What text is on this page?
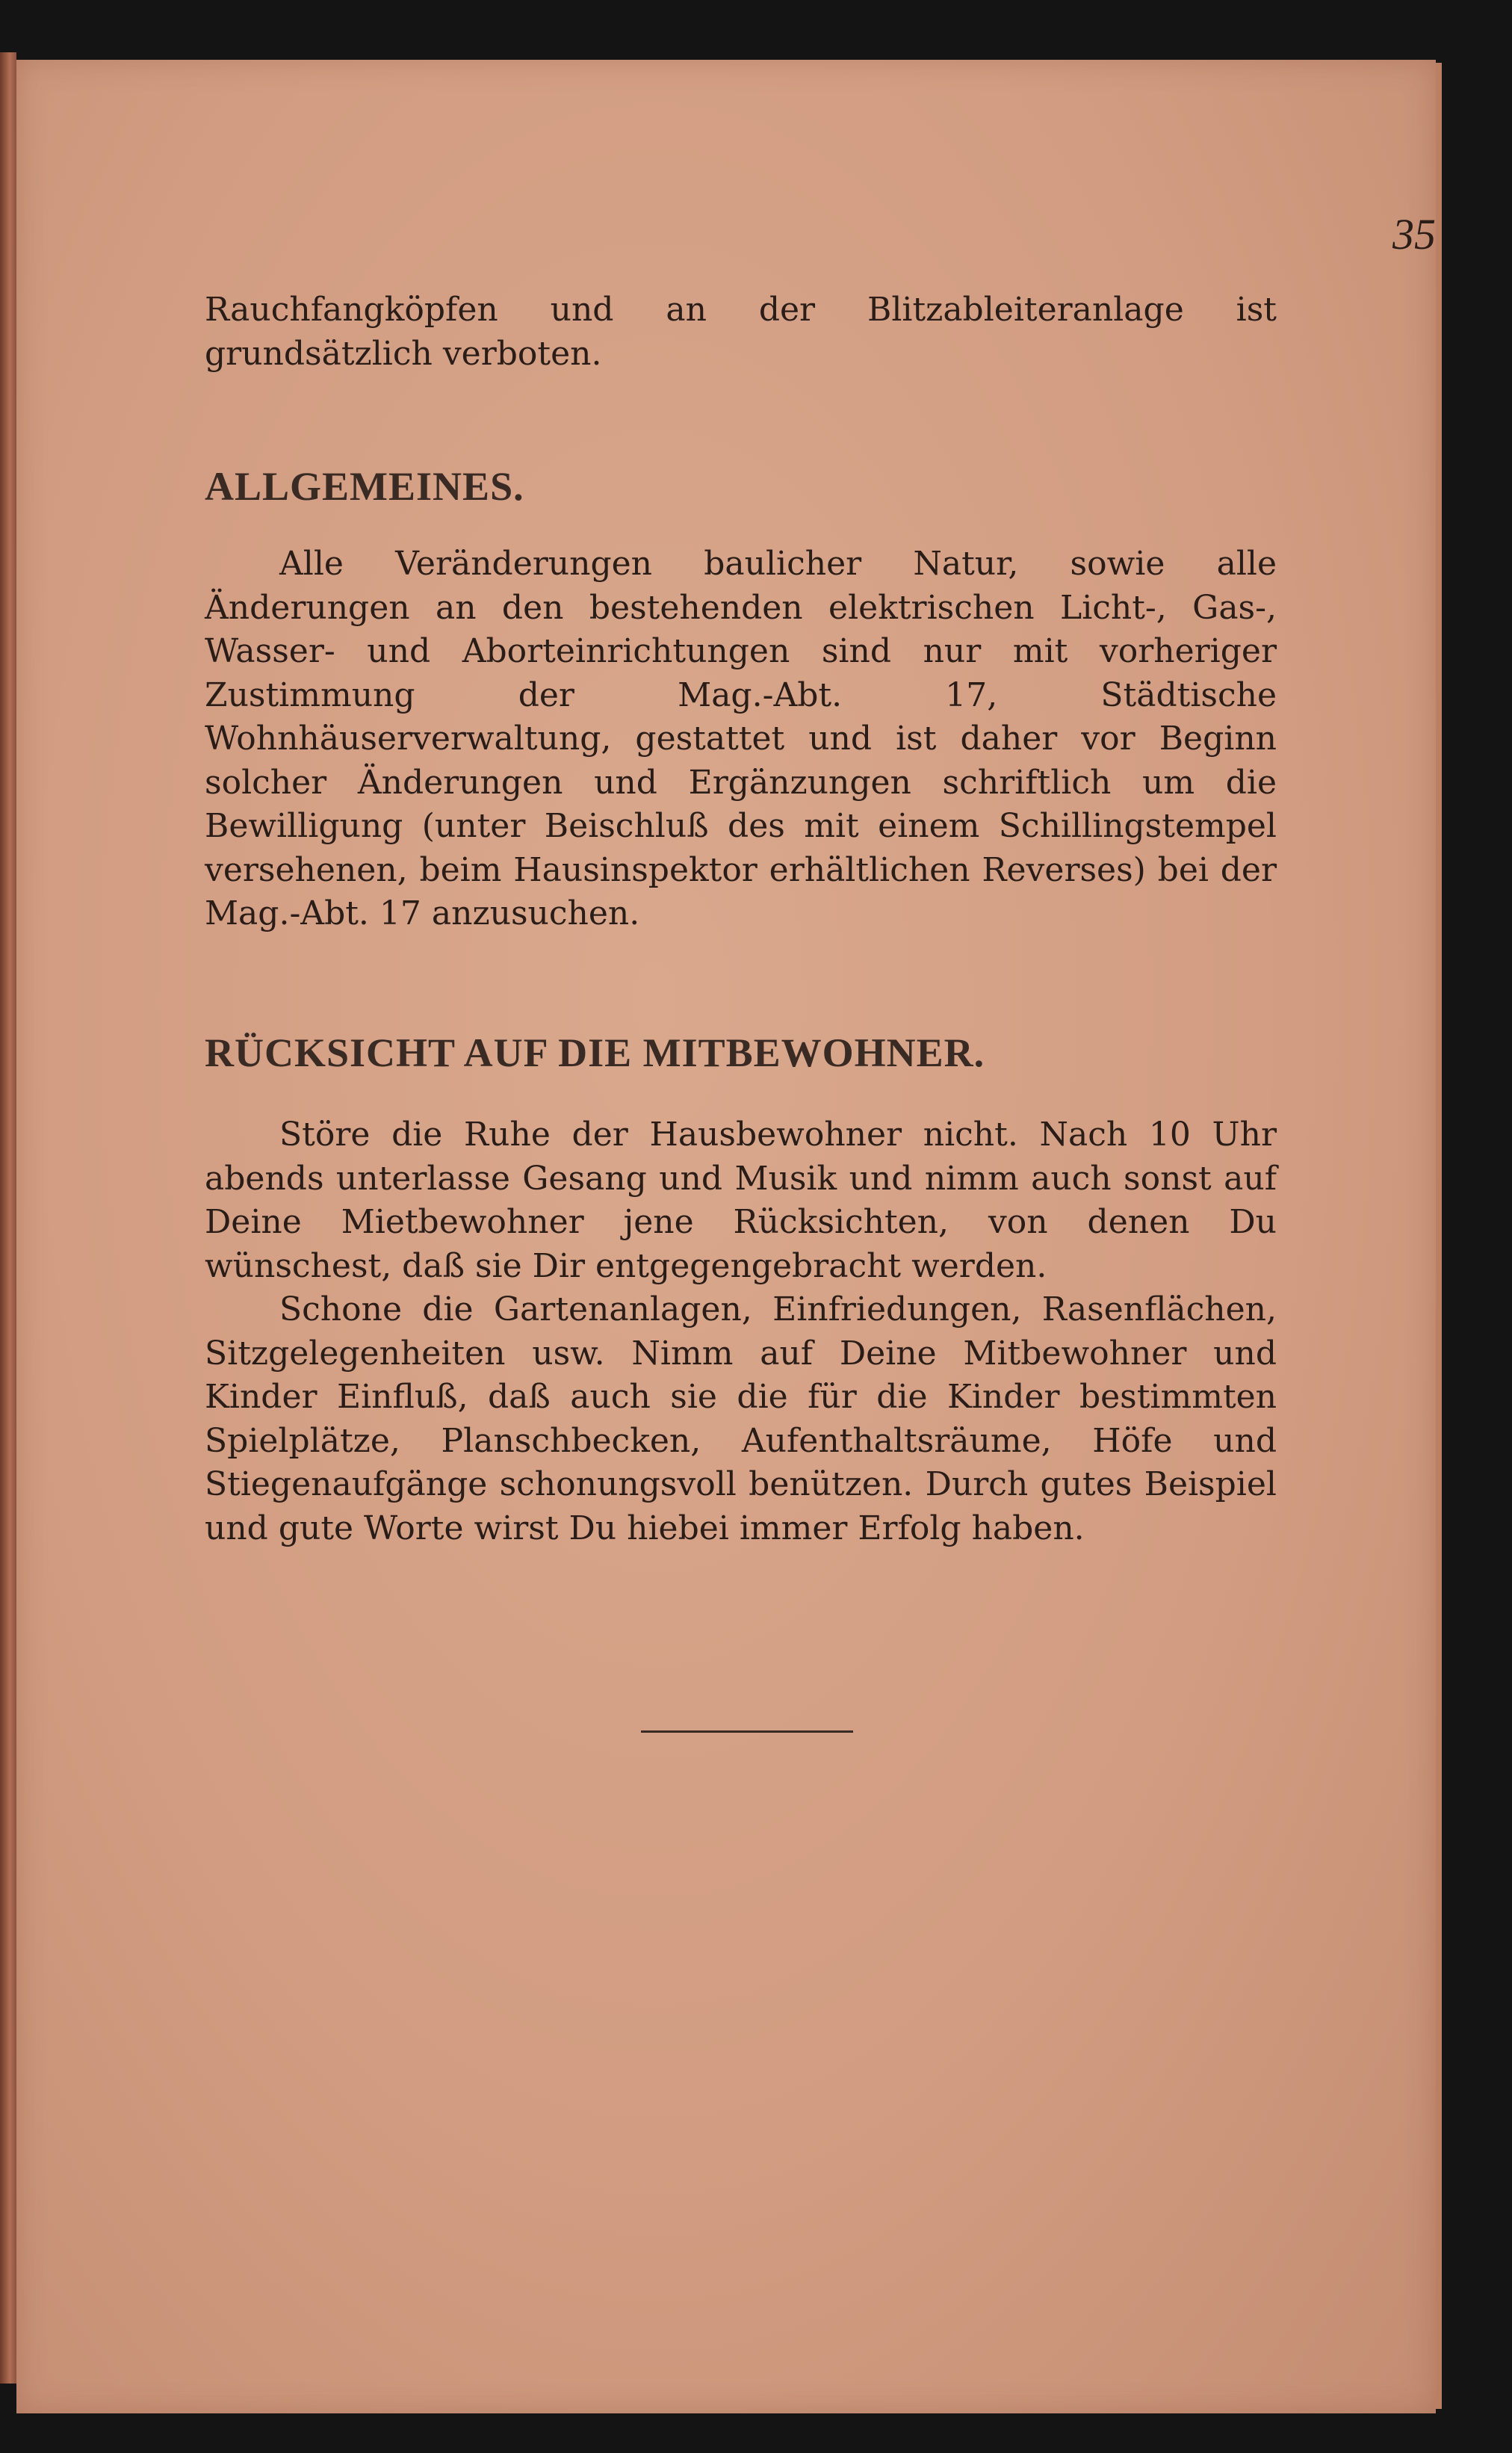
35

Rauchfangköpfen und an der Blitzableiteranlage ist grundsätzlich verboten.

ALLGEMEINES.

Alle Veränderungen baulicher Natur, sowie alle Änderungen an den bestehenden elektrischen Licht-, Gas-, Wasser- und Aborteinrichtungen sind nur mit vorheriger Zustimmung der Mag.-Abt. 17, Städtische Wohnhäuserverwaltung, gestattet und ist daher vor Beginn solcher Änderungen und Ergänzungen schriftlich um die Bewilligung (unter Beischluß des mit einem Schillingstempel versehenen, beim Hausinspektor erhältlichen Reverses) bei der Mag.-Abt. 17 anzusuchen.

RÜCKSICHT AUF DIE MITBEWOHNER.

Störe die Ruhe der Hausbewohner nicht. Nach 10 Uhr abends unterlasse Gesang und Musik und nimm auch sonst auf Deine Mietbewohner jene Rücksichten, von denen Du wünschest, daß sie Dir entgegengebracht werden.

Schone die Gartenanlagen, Einfriedungen, Rasenflächen, Sitzgelegenheiten usw. Nimm auf Deine Mitbewohner und Kinder Einfluß, daß auch sie die für die Kinder bestimmten Spielplätze, Planschbecken, Aufenthaltsräume, Höfe und Stiegenaufgänge schonungsvoll benützen. Durch gutes Beispiel und gute Worte wirst Du hiebei immer Erfolg haben.
